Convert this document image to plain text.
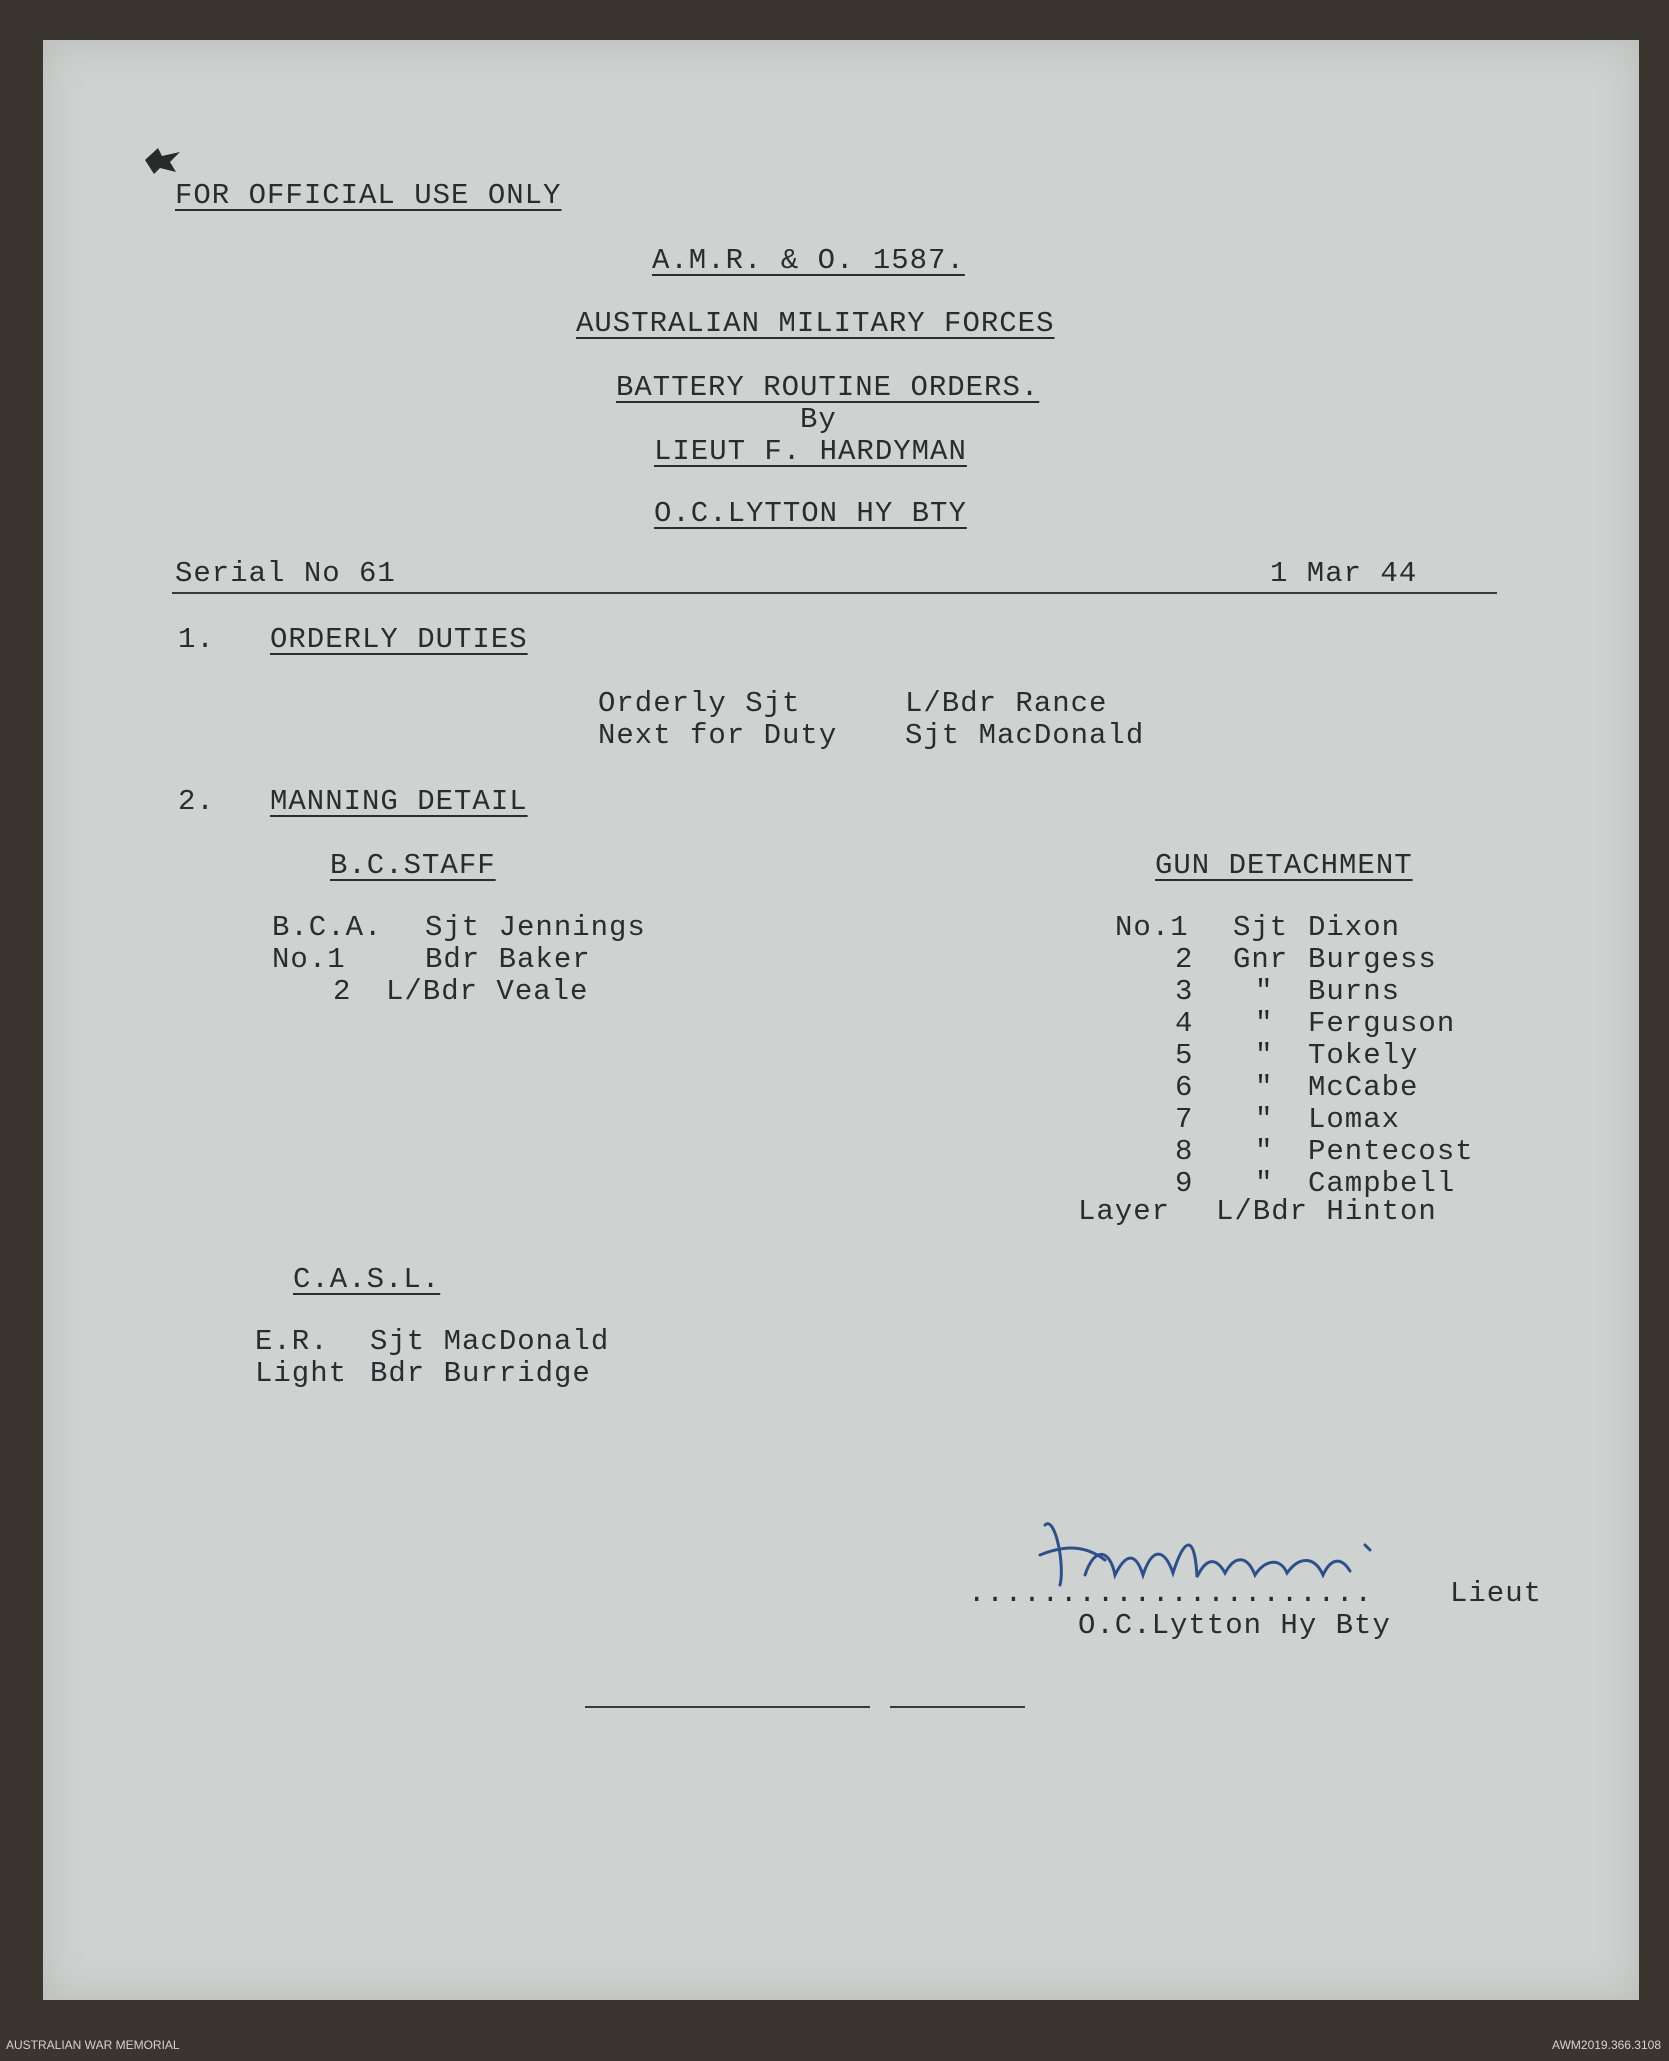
FOR OFFICIAL USE ONLY
A.M.R. & O. 1587.
AUSTRALIAN MILITARY FORCES
BATTERY ROUTINE ORDERS.
By
LIEUT F. HARDYMAN
O.C.LYTTON HY BTY
Serial No 61	1 Mar 44
1. ORDERLY DUTIES
Orderly Sjt	L/Bdr Rance
Next for Duty Sjt MacDonald
2. MANNING DETAIL
B.C.STAFF
B.C.A. Sjt Jennings
No.1	Bdr Baker
2 L/Bdr Veale
GUN DETACHMENT
No.1 Sjt Dixon
2 Gnr Burgess
3 " Burns
4 " Ferguson
5 " Tokely
6 " McCabe
7 " Lomax
8 " Pentecost
9 " Campbell
Layer L/Bdr Hinton
C.A.S.L.
E.R. Sjt MacDonald
Light Bdr Burridge
......................	Lieut
O.C.Lytton Hy Bty
AUSTRALIAN WAR MEMORIAL	AWM2019.366.3108
